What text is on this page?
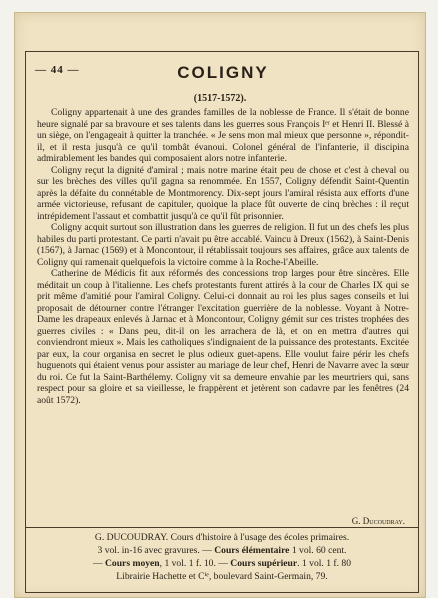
— 44 —	COLIGNY
(1517-1572).

Coligny appartenait à une des grandes familles de la noblesse de France. Il s'était de bonne heure signalé par sa bravoure et ses talents dans les guerres sous François Iᵉʳ et Henri II. Blessé à un siège, on l'engageait à quitter la tranchée. « Je sens mon mal mieux que personne », répondit-il, et il resta jusqu'à ce qu'il tombât évanoui. Colonel général de l'infanterie, il discipina admirablement les bandes qui composaient alors notre infanterie.

Coligny reçut la dignité d'amiral ; mais notre marine était peu de chose et c'est à cheval ou sur les brèches des villes qu'il gagna sa renommée. En 1557, Coligny défendit Saint-Quentin après la défaite du connétable de Montmorency. Dix-sept jours l'amiral résista aux efforts d'une armée victorieuse, refusant de capituler, quoique la place fût ouverte de cinq brèches : il reçut intrépidement l'assaut et combattit jusqu'à ce qu'il fût prisonnier.

Coligny acquit surtout son illustration dans les guerres de religion. Il fut un des chefs les plus habiles du parti protestant. Ce parti n'avait pu être accablé. Vaincu à Dreux (1562), à Saint-Denis (1567), à Jarnac (1569) et à Moncontour, il rétablissait toujours ses affaires, grâce aux talents de Coligny qui ramenait quelquefois la victoire comme à la Roche-l'Abeille.

Catherine de Médicis fit aux réformés des concessions trop larges pour être sincères. Elle méditait un coup à l'italienne. Les chefs protestants furent attirés à la cour de Charles IX qui se prit même d'amitié pour l'amiral Coligny. Celui-ci donnait au roi les plus sages conseils et lui proposait de détourner contre l'étranger l'excitation guerrière de la noblesse. Voyant à Notre-Dame les drapeaux enlevés à Jarnac et à Moncontour, Coligny gémit sur ces tristes trophées des guerres civiles : « Dans peu, dit-il on les arrachera de là, et on en mettra d'autres qui conviendront mieux ». Mais les catholiques s'indignaient de la puissance des protestants. Excitée par eux, la cour organisa en secret le plus odieux guet-apens. Elle voulut faire périr les chefs huguenots qui étaient venus pour assister au mariage de leur chef, Henri de Navarre avec la sœur du roi. Ce fut la Saint-Barthélemy. Coligny vit sa demeure envahie par les meurtriers qui, sans respect pour sa gloire et sa vieillesse, le frappèrent et jetèrent son cadavre par les fenêtres (24 août 1572).

G. Ducoudray.
G. DUCOUDRAY. Cours d'histoire à l'usage des écoles primaires.
3 vol. in-16 avec gravures. — Cours élémentaire 1 vol. 60 cent.
— Cours moyen, 1 vol. 1 f. 10. — Cours supérieur. 1 vol. 1 f. 80
Librairie Hachette et Cⁱᵉ, boulevard Saint-Germain, 79.
